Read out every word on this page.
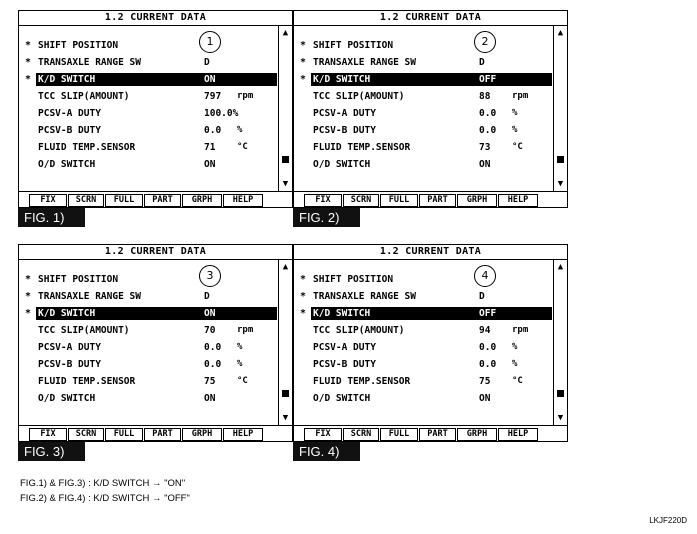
1.2 CURRENT DATA
▲
▼
1
* SHIFT POSITION
* TRANSAXLE RANGE SW	D
* K/D SWITCH	ON
TCC SLIP(AMOUNT)	797 rpm
PCSV-A DUTY	100.0%
PCSV-B DUTY	0.0 %
FLUID TEMP.SENSOR	71 °C
O/D SWITCH	ON
FIX	SCRN	FULL	PART	GRPH	HELP
FIG. 1)
1.2 CURRENT DATA
▲
▼
2
* SHIFT POSITION
* TRANSAXLE RANGE SW	D
* K/D SWITCH	OFF
TCC SLIP(AMOUNT)	88 rpm
PCSV-A DUTY	0.0 %
PCSV-B DUTY	0.0 %
FLUID TEMP.SENSOR	73 °C
O/D SWITCH	ON
FIX	SCRN	FULL	PART	GRPH	HELP
FIG. 2)
1.2 CURRENT DATA
▲
▼
3
* SHIFT POSITION
* TRANSAXLE RANGE SW	D
* K/D SWITCH	ON
TCC SLIP(AMOUNT)	70 rpm
PCSV-A DUTY	0.0 %
PCSV-B DUTY	0.0 %
FLUID TEMP.SENSOR	75 °C
O/D SWITCH	ON
FIX	SCRN	FULL	PART	GRPH	HELP
FIG. 3)
1.2 CURRENT DATA
▲
▼
4
* SHIFT POSITION
* TRANSAXLE RANGE SW	D
* K/D SWITCH	OFF
TCC SLIP(AMOUNT)	94 rpm
PCSV-A DUTY	0.0 %
PCSV-B DUTY	0.0 %
FLUID TEMP.SENSOR	75 °C
O/D SWITCH	ON
FIX	SCRN	FULL	PART	GRPH	HELP
FIG. 4)
FIG.1) & FIG.3) : K/D SWITCH → "ON"
FIG.2) & FIG.4) : K/D SWITCH → "OFF"
LKJF220D
